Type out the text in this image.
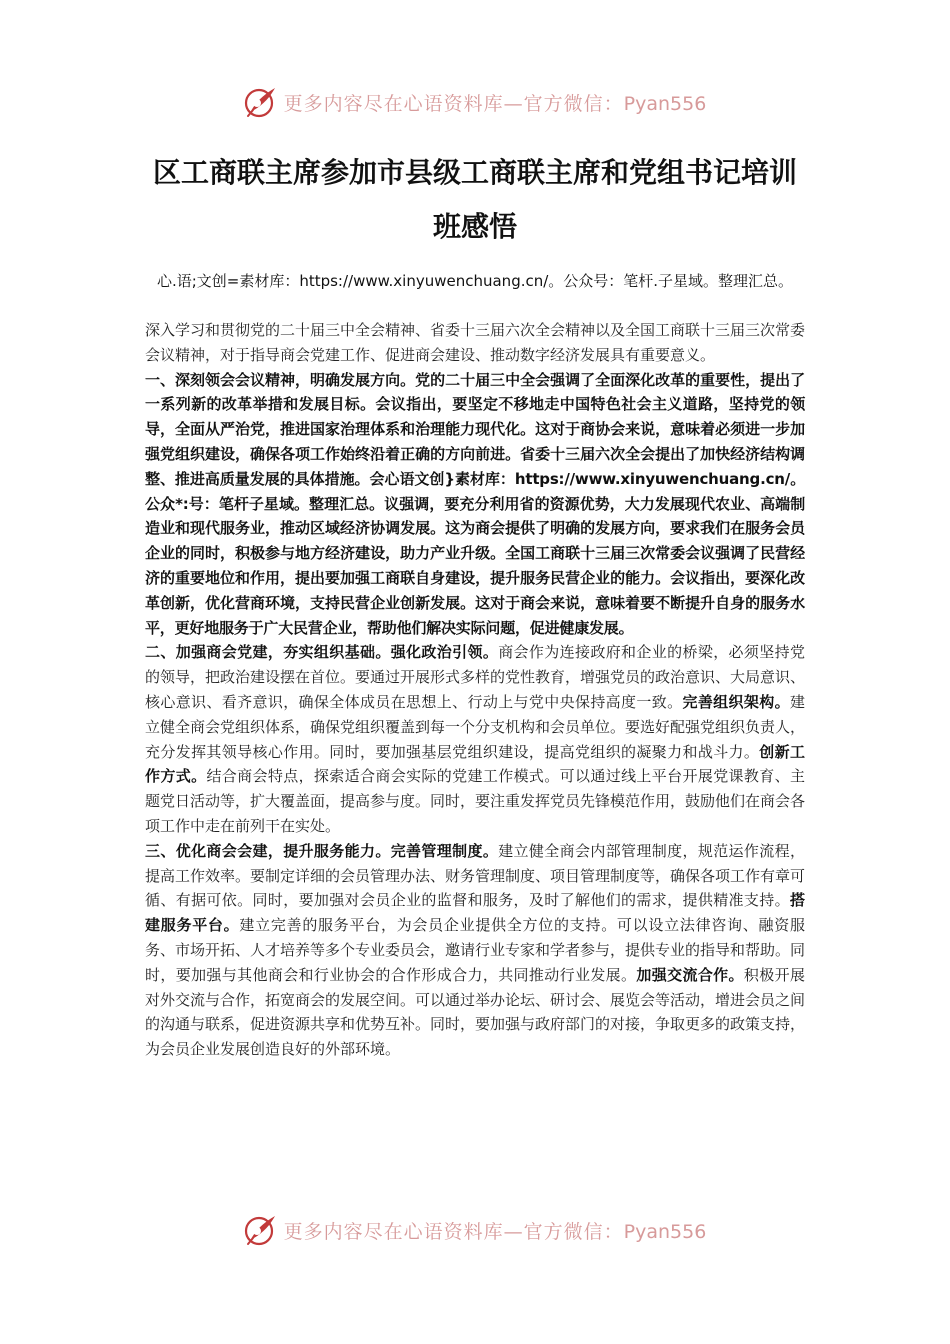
更多内容尽在心语资料库—官方微信：Pyan556
区工商联主席参加市县级工商联主席和党组书记培训班感悟
心.语;文创=素材库：https://www.xinyuwenchuang.cn/。公众号：笔杆.子星域。整理汇总。

深入学习和贯彻党的二十届三中全会精神、省委十三届六次全会精神以及全国工商联十三届三次常委会议精神，对于指导商会党建工作、促进商会建设、推动数字经济发展具有重要意义。

一、深刻领会会议精神，明确发展方向。党的二十届三中全会强调了全面深化改革的重要性，提出了一系列新的改革举措和发展目标。会议指出，要坚定不移地走中国特色社会主义道路，坚持党的领导，全面从严治党，推进国家治理体系和治理能力现代化。这对于商协会来说，意味着必须进一步加强党组织建设，确保各项工作始终沿着正确的方向前进。省委十三届六次全会提出了加快经济结构调整、推进高质量发展的具体措施。会心语文创}素材库：https://www.xinyuwenchuang.cn/。公众*:号：笔杆子星域。整理汇总。议强调，要充分利用省的资源优势，大力发展现代农业、高端制造业和现代服务业，推动区域经济协调发展。这为商会提供了明确的发展方向，要求我们在服务会员企业的同时，积极参与地方经济建设，助力产业升级。全国工商联十三届三次常委会议强调了民营经济的重要地位和作用，提出要加强工商联自身建设，提升服务民营企业的能力。会议指出，要深化改革创新，优化营商环境，支持民营企业创新发展。这对于商会来说，意味着要不断提升自身的服务水平，更好地服务于广大民营企业，帮助他们解决实际问题，促进健康发展。

二、加强商会党建，夯实组织基础。强化政治引领。商会作为连接政府和企业的桥梁，必须坚持党的领导，把政治建设摆在首位。要通过开展形式多样的党性教育，增强党员的政治意识、大局意识、核心意识、看齐意识，确保全体成员在思想上、行动上与党中央保持高度一致。完善组织架构。建立健全商会党组织体系，确保党组织覆盖到每一个分支机构和会员单位。要选好配强党组织负责人，充分发挥其领导核心作用。同时，要加强基层党组织建设，提高党组织的凝聚力和战斗力。创新工作方式。结合商会特点，探索适合商会实际的党建工作模式。可以通过线上平台开展党课教育、主题党日活动等，扩大覆盖面，提高参与度。同时，要注重发挥党员先锋模范作用，鼓励他们在商会各项工作中走在前列干在实处。

三、优化商会会建，提升服务能力。完善管理制度。建立健全商会内部管理制度，规范运作流程，提高工作效率。要制定详细的会员管理办法、财务管理制度、项目管理制度等，确保各项工作有章可循、有据可依。同时，要加强对会员企业的监督和服务，及时了解他们的需求，提供精准支持。搭建服务平台。建立完善的服务平台，为会员企业提供全方位的支持。可以设立法律咨询、融资服务、市场开拓、人才培养等多个专业委员会，邀请行业专家和学者参与，提供专业的指导和帮助。同时，要加强与其他商会和行业协会的合作形成合力，共同推动行业发展。加强交流合作。积极开展对外交流与合作，拓宽商会的发展空间。可以通过举办论坛、研讨会、展览会等活动，增进会员之间的沟通与联系，促进资源共享和优势互补。同时，要加强与政府部门的对接，争取更多的政策支持，为会员企业发展创造良好的外部环境。

更多内容尽在心语资料库—官方微信：Pyan556
